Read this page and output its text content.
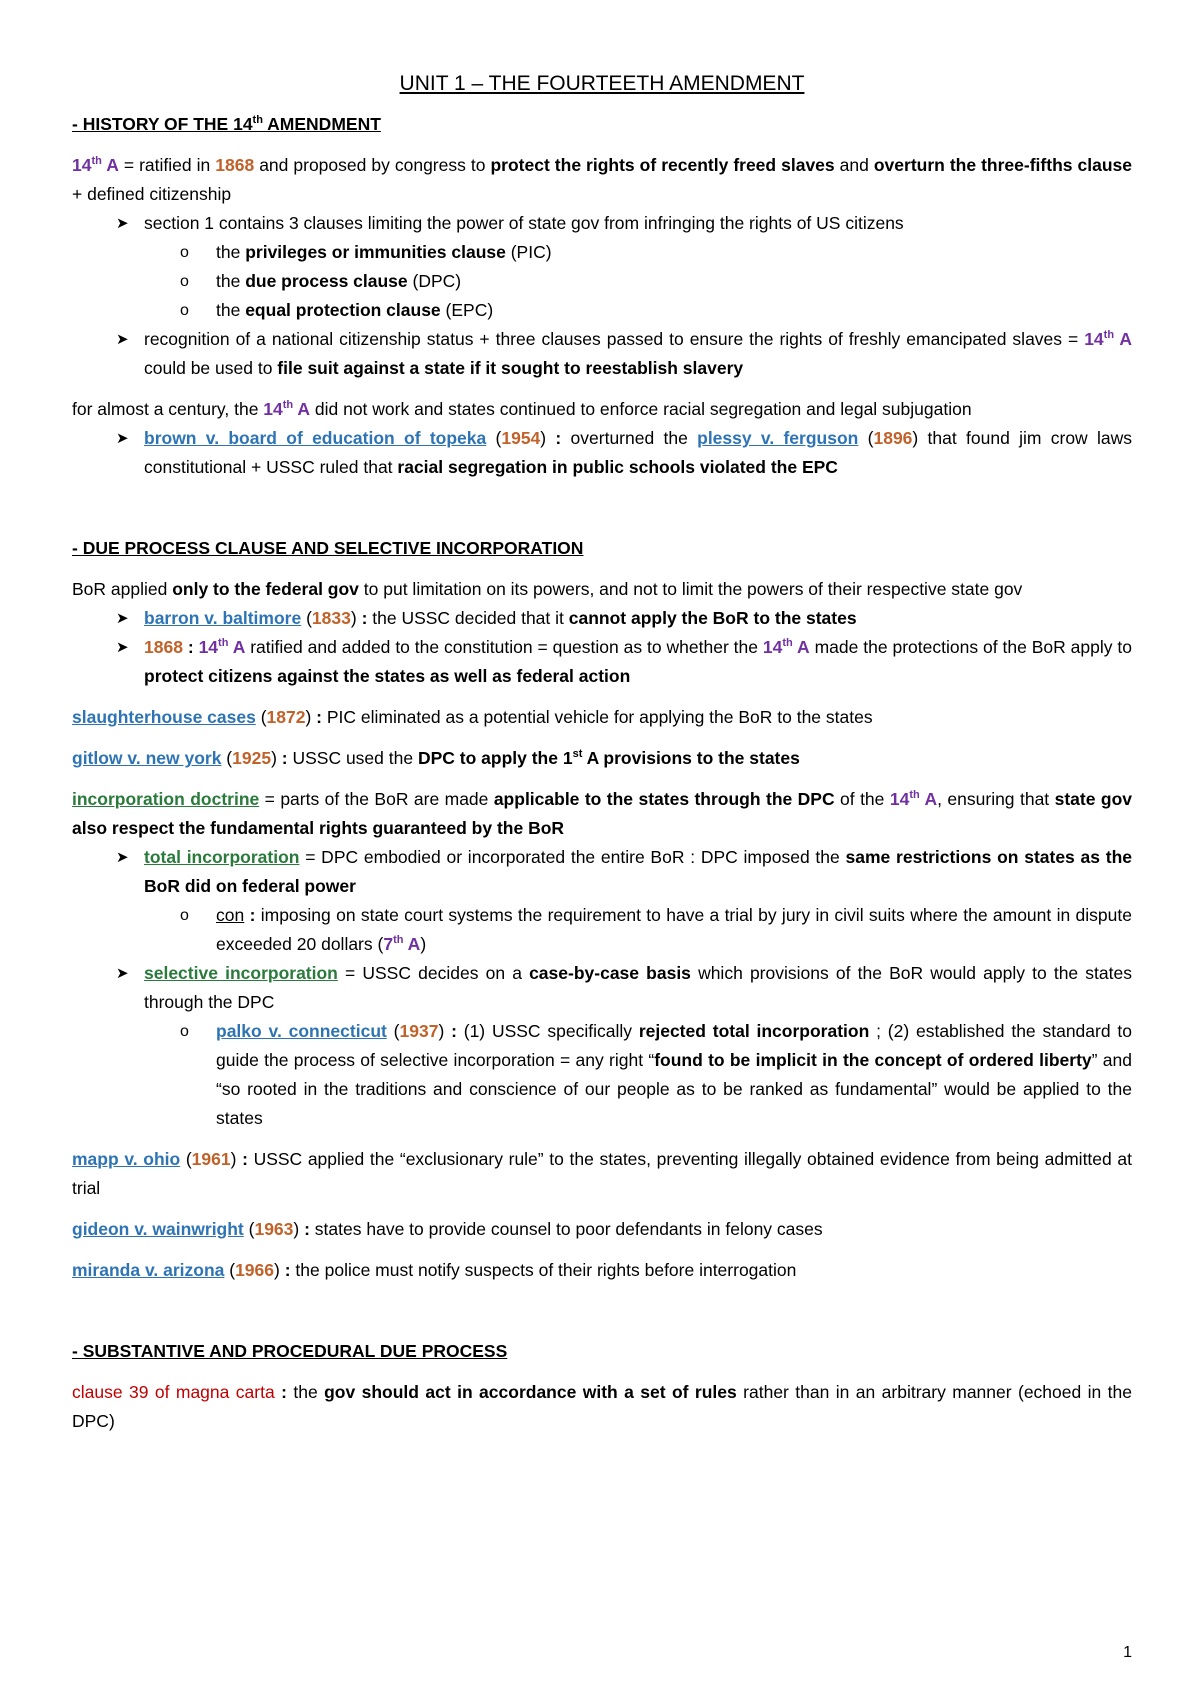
UNIT 1 – THE FOURTEETH AMENDMENT
- HISTORY OF THE 14th AMENDMENT
14th A = ratified in 1868 and proposed by congress to protect the rights of recently freed slaves and overturn the three-fifths clause + defined citizenship
➤ section 1 contains 3 clauses limiting the power of state gov from infringing the rights of US citizens
o the privileges or immunities clause (PIC)
o the due process clause (DPC)
o the equal protection clause (EPC)
➤ recognition of a national citizenship status + three clauses passed to ensure the rights of freshly emancipated slaves = 14th A could be used to file suit against a state if it sought to reestablish slavery
for almost a century, the 14th A did not work and states continued to enforce racial segregation and legal subjugation
➤ brown v. board of education of topeka (1954) : overturned the plessy v. ferguson (1896) that found jim crow laws constitutional + USSC ruled that racial segregation in public schools violated the EPC
- DUE PROCESS CLAUSE AND SELECTIVE INCORPORATION
BoR applied only to the federal gov to put limitation on its powers, and not to limit the powers of their respective state gov
➤ barron v. baltimore (1833) : the USSC decided that it cannot apply the BoR to the states
➤ 1868 : 14th A ratified and added to the constitution = question as to whether the 14th A made the protections of the BoR apply to protect citizens against the states as well as federal action
slaughterhouse cases (1872) : PIC eliminated as a potential vehicle for applying the BoR to the states
gitlow v. new york (1925) : USSC used the DPC to apply the 1st A provisions to the states
incorporation doctrine = parts of the BoR are made applicable to the states through the DPC of the 14th A, ensuring that state gov also respect the fundamental rights guaranteed by the BoR
➤ total incorporation = DPC embodied or incorporated the entire BoR : DPC imposed the same restrictions on states as the BoR did on federal power
o con : imposing on state court systems the requirement to have a trial by jury in civil suits where the amount in dispute exceeded 20 dollars (7th A)
➤ selective incorporation = USSC decides on a case-by-case basis which provisions of the BoR would apply to the states through the DPC
o palko v. connecticut (1937) : (1) USSC specifically rejected total incorporation ; (2) established the standard to guide the process of selective incorporation = any right “found to be implicit in the concept of ordered liberty” and “so rooted in the traditions and conscience of our people as to be ranked as fundamental” would be applied to the states
mapp v. ohio (1961) : USSC applied the “exclusionary rule” to the states, preventing illegally obtained evidence from being admitted at trial
gideon v. wainwright (1963) : states have to provide counsel to poor defendants in felony cases
miranda v. arizona (1966) : the police must notify suspects of their rights before interrogation
- SUBSTANTIVE AND PROCEDURAL DUE PROCESS
clause 39 of magna carta : the gov should act in accordance with a set of rules rather than in an arbitrary manner (echoed in the DPC)
1
